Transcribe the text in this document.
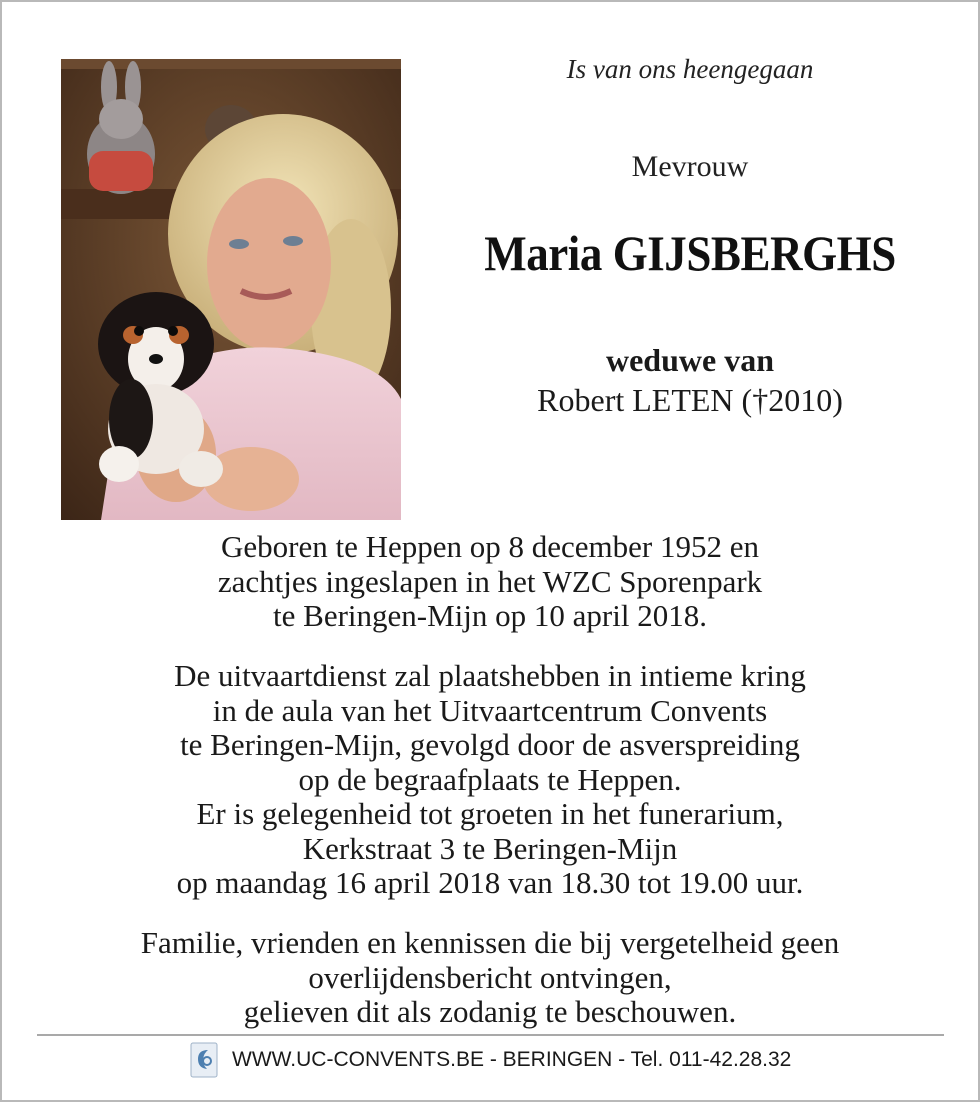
Is van ons heengegaan
Mevrouw
Maria GIJSBERGHS
weduwe van
Robert LETEN (†2010)
Geboren te Heppen op 8 december 1952 en
zachtjes ingeslapen in het WZC Sporenpark
te Beringen-Mijn op 10 april 2018.
De uitvaartdienst zal plaatshebben in intieme kring
in de aula van het Uitvaartcentrum Convents
te Beringen-Mijn, gevolgd door de asverspreiding
op de begraafplaats te Heppen.
Er is gelegenheid tot groeten in het funerarium,
Kerkstraat 3 te Beringen-Mijn
op maandag 16 april 2018 van 18.30 tot 19.00 uur.
Familie, vrienden en kennissen die bij vergetelheid geen
overlijdensbericht ontvingen,
gelieven dit als zodanig te beschouwen.
WWW.UC-CONVENTS.BE - BERINGEN - Tel. 011-42.28.32
